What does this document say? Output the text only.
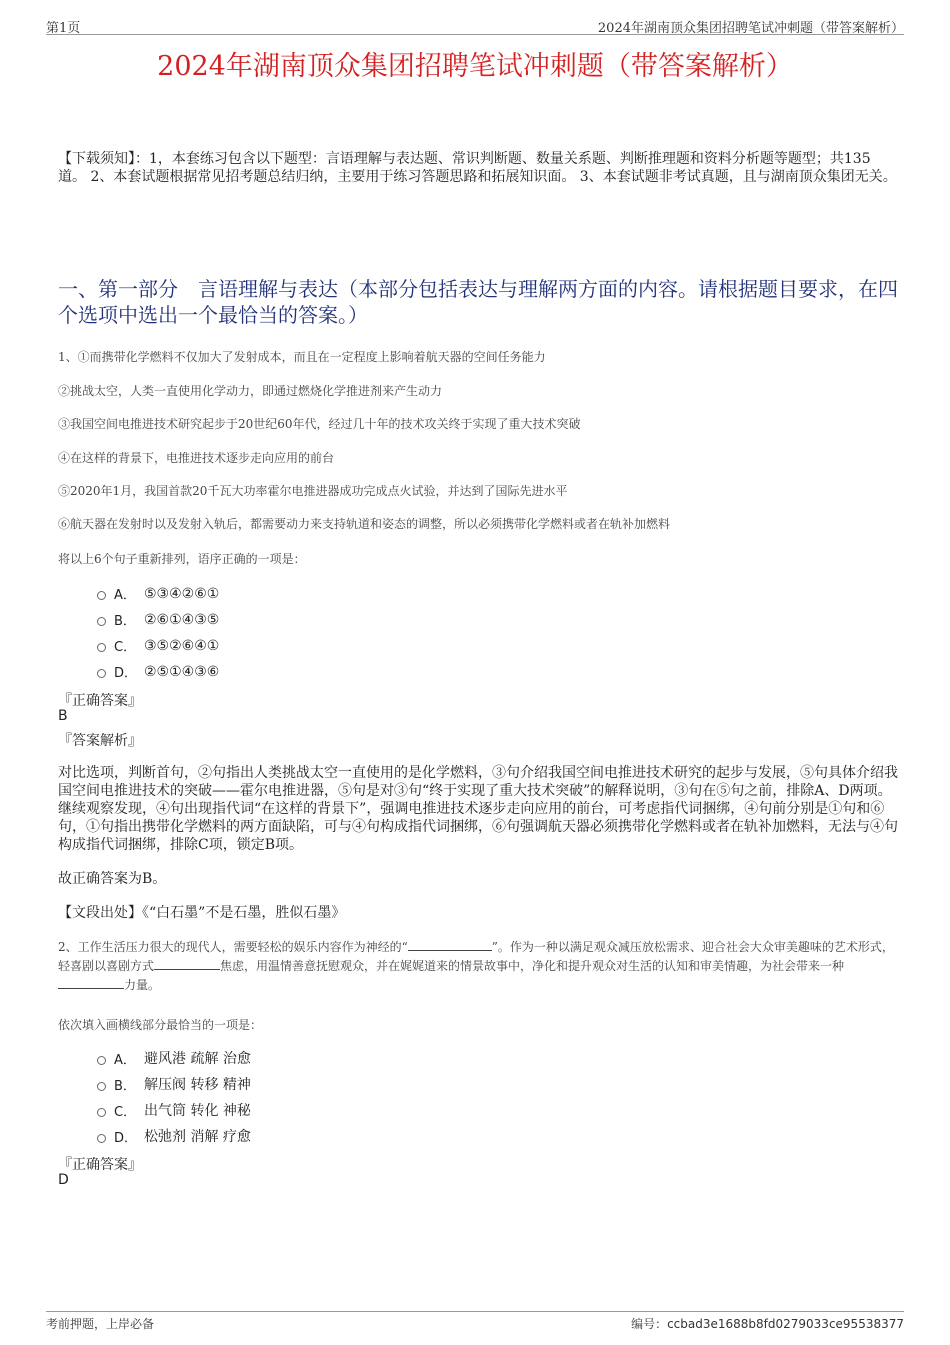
第1页	2024年湖南顶众集团招聘笔试冲刺题（带答案解析）
2024年湖南顶众集团招聘笔试冲刺题（带答案解析）
【下载须知】：1，本套练习包含以下题型：言语理解与表达题、常识判断题、数量关系题、判断推理题和资料分析题等题型；共135道。 2、本套试题根据常见招考题总结归纳，主要用于练习答题思路和拓展知识面。 3、本套试题非考试真题，且与湖南顶众集团无关。
一、第一部分　言语理解与表达（本部分包括表达与理解两方面的内容。请根据题目要求，在四个选项中选出一个最恰当的答案。）
1、①而携带化学燃料不仅加大了发射成本，而且在一定程度上影响着航天器的空间任务能力
②挑战太空，人类一直使用化学动力，即通过燃烧化学推进剂来产生动力
③我国空间电推进技术研究起步于20世纪60年代，经过几十年的技术攻关终于实现了重大技术突破
④在这样的背景下，电推进技术逐步走向应用的前台
⑤2020年1月，我国首款20千瓦大功率霍尔电推进器成功完成点火试验，并达到了国际先进水平
⑥航天器在发射时以及发射入轨后，都需要动力来支持轨道和姿态的调整，所以必须携带化学燃料或者在轨补加燃料
将以上6个句子重新排列，语序正确的一项是：
A． ⑤③④②⑥①
B． ②⑥①④③⑤
C． ③⑤②⑥④①
D． ②⑤①④③⑥
『正确答案』
B
『答案解析』
对比选项，判断首句，②句指出人类挑战太空一直使用的是化学燃料，③句介绍我国空间电推进技术研究的起步与发展，⑤句具体介绍我国空间电推进技术的突破——霍尔电推进器，⑤句是对③句“终于实现了重大技术突破”的解释说明，③句在⑤句之前，排除A、D两项。继续观察发现，④句出现指代词“在这样的背景下”，强调电推进技术逐步走向应用的前台，可考虑指代词捆绑，④句前分别是①句和⑥句，①句指出携带化学燃料的两方面缺陷，可与④句构成指代词捆绑，⑥句强调航天器必须携带化学燃料或者在轨补加燃料，无法与④句构成指代词捆绑，排除C项，锁定B项。
故正确答案为B。
【文段出处】《“白石墨”不是石墨，胜似石墨》
2、工作生活压力很大的现代人，需要轻松的娱乐内容作为神经的“	”。作为一种以满足观众减压放松需求、迎合社会大众审美趣味的艺术形式，轻喜剧以喜剧方式	焦虑，用温情善意抚慰观众，并在娓娓道来的情景故事中，净化和提升观众对生活的认知和审美情趣，为社会带来一种力量。
依次填入画横线部分最恰当的一项是：
A． 避风港 疏解 治愈
B． 解压阀 转移 精神
C． 出气筒 转化 神秘
D． 松弛剂 消解 疗愈
『正确答案』
D
考前押题，上岸必备	编号：ccbad3e1688b8fd0279033ce95538377
